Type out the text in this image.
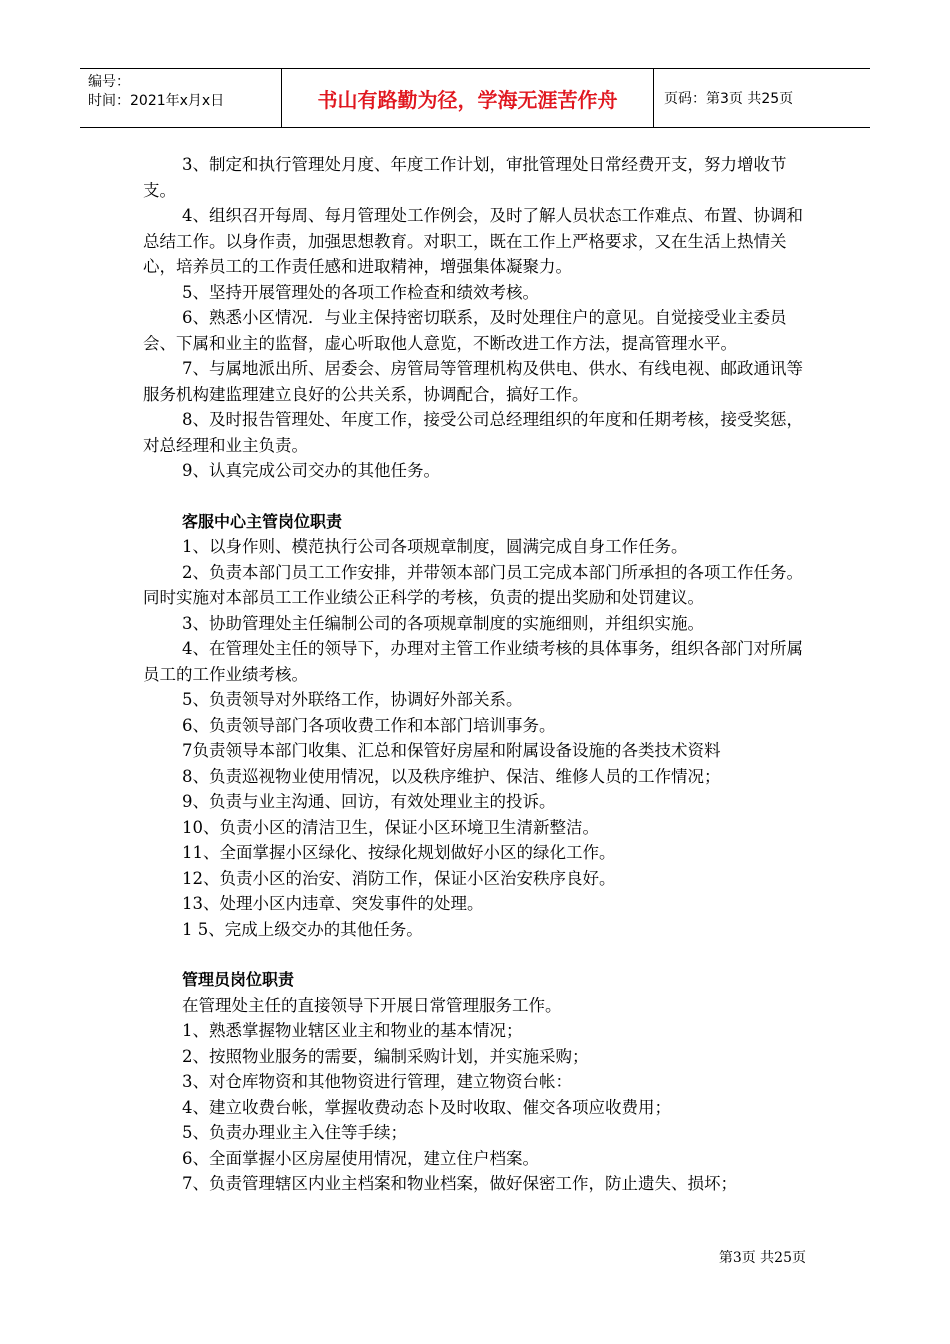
编号：
时间：2021年x月x日	书山有路勤为径，学海无涯苦作舟	页码：第3页 共25页

3、制定和执行管理处月度、年度工作计划，审批管理处日常经费开支，努力增收节支。

4、组织召开每周、每月管理处工作例会，及时了解人员状态工作难点、布置、协调和总结工作。以身作责，加强思想教育。对职工，既在工作上严格要求，又在生活上热情关心，培养员工的工作责任感和进取精神，增强集体凝聚力。

5、坚持开展管理处的各项工作检查和绩效考核。

6、熟悉小区情况．与业主保持密切联系，及时处理住户的意见。自觉接受业主委员会、下属和业主的监督，虚心听取他人意览，不断改进工作方法，提高管理水平。

7、与属地派出所、居委会、房管局等管理机构及供电、供水、有线电视、邮政通讯等服务机构建监理建立良好的公共关系，协调配合，搞好工作。

8、及时报告管理处、年度工作，接受公司总经理组织的年度和任期考核，接受奖惩，对总经理和业主负责。

9、认真完成公司交办的其他任务。

客服中心主管岗位职责

1、以身作则、模范执行公司各项规章制度，圆满完成自身工作任务。

2、负责本部门员工工作安排，并带领本部门员工完成本部门所承担的各项工作任务。同时实施对本部员工工作业绩公正科学的考核，负责的提出奖励和处罚建议。

3、协助管理处主任编制公司的各项规章制度的实施细则，并组织实施。

4、在管理处主任的领导下，办理对主管工作业绩考核的具体事务，组织各部门对所属员工的工作业绩考核。

5、负责领导对外联络工作，协调好外部关系。

6、负责领导部门各项收费工作和本部门培训事务。

7负责领导本部门收集、汇总和保管好房屋和附属设备设施的各类技术资料

8、负责巡视物业使用情况，以及秩序维护、保洁、维修人员的工作情况；

9、负责与业主沟通、回访，有效处理业主的投诉。

10、负责小区的清洁卫生，保证小区环境卫生清新整洁。

11、全面掌握小区绿化、按绿化规划做好小区的绿化工作。

12、负责小区的治安、消防工作，保证小区治安秩序良好。

13、处理小区内违章、突发事件的处理。

1 5、完成上级交办的其他任务。

管理员岗位职责

在管理处主任的直接领导下开展日常管理服务工作。

1、熟悉掌握物业辖区业主和物业的基本情况；

2、按照物业服务的需要，编制采购计划，并实施采购；

3、对仓库物资和其他物资进行管理，建立物资台帐：

4、建立收费台帐，掌握收费动态卜及时收取、催交各项应收费用；

5、负责办理业主入住等手续；

6、全面掌握小区房屋使用情况，建立住户档案。

7、负责管理辖区内业主档案和物业档案，做好保密工作，防止遗失、损坏；

第3页 共25页
